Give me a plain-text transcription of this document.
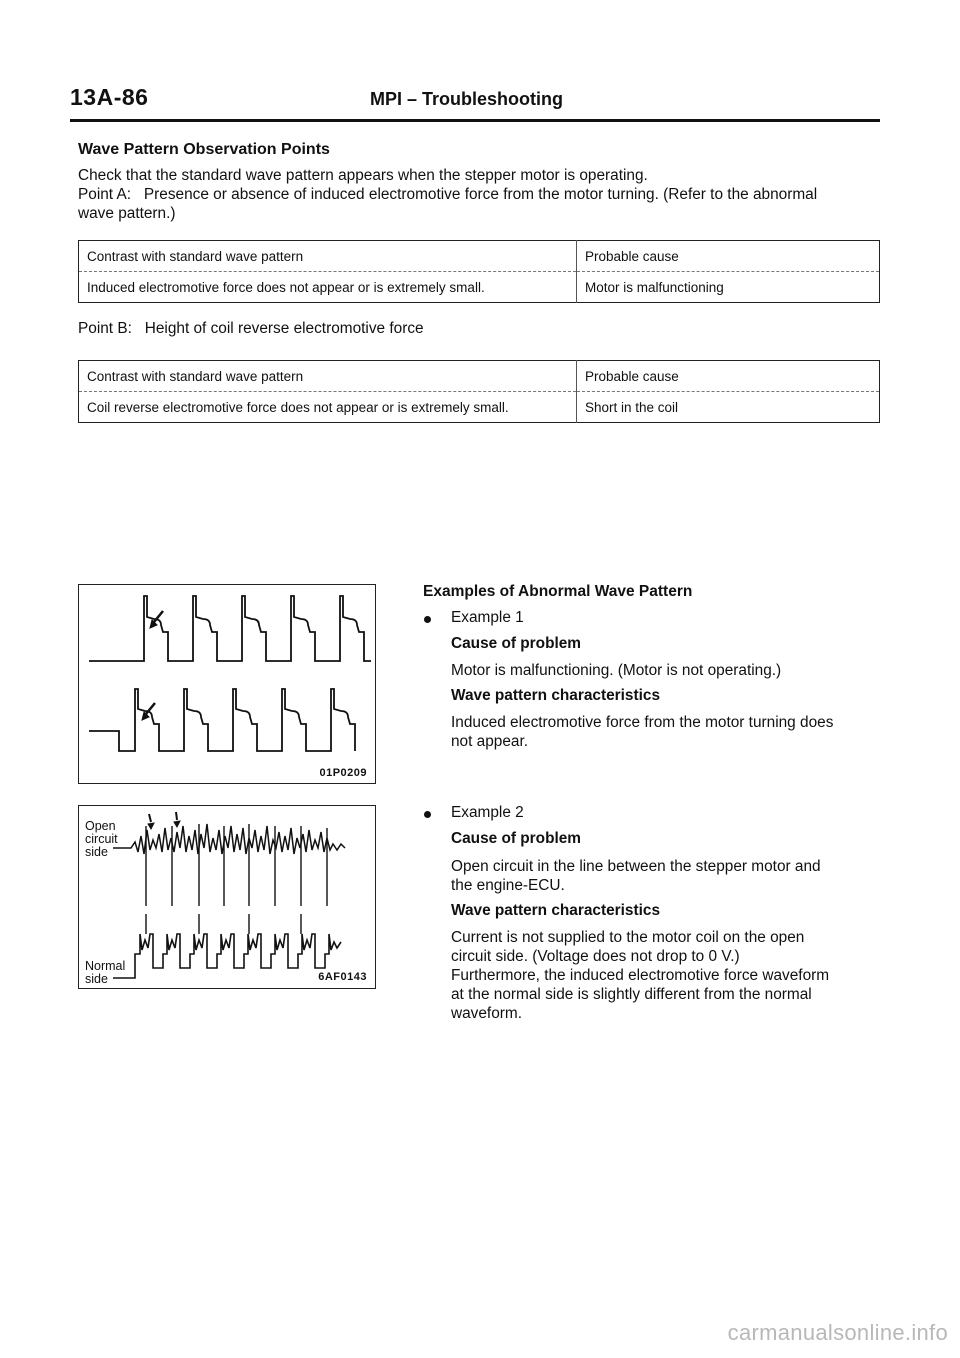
13A-86	MPI – Troubleshooting
Wave Pattern Observation Points
Check that the standard wave pattern appears when the stepper motor is operating.
Point A:   Presence or absence of induced electromotive force from the motor turning. (Refer to the abnormal
wave pattern.)
Contrast with standard wave pattern	Probable cause
Induced electromotive force does not appear or is extremely small.	Motor is malfunctioning
Point B:   Height of coil reverse electromotive force
Contrast with standard wave pattern	Probable cause
Coil reverse electromotive force does not appear or is extremely small.	Short in the coil
01P0209
Open
circuit
side
Normal
side	6AF0143
Examples of Abnormal Wave Pattern
Example 1
Cause of problem
Motor is malfunctioning. (Motor is not operating.)
Wave pattern characteristics
Induced electromotive force from the motor turning does
not appear.
Example 2
Cause of problem
Open circuit in the line between the stepper motor and
the engine-ECU.
Wave pattern characteristics
Current is not supplied to the motor coil on the open
circuit side. (Voltage does not drop to 0 V.)
Furthermore, the induced electromotive force waveform
at the normal side is slightly different from the normal
waveform.
carmanualsonline.info
